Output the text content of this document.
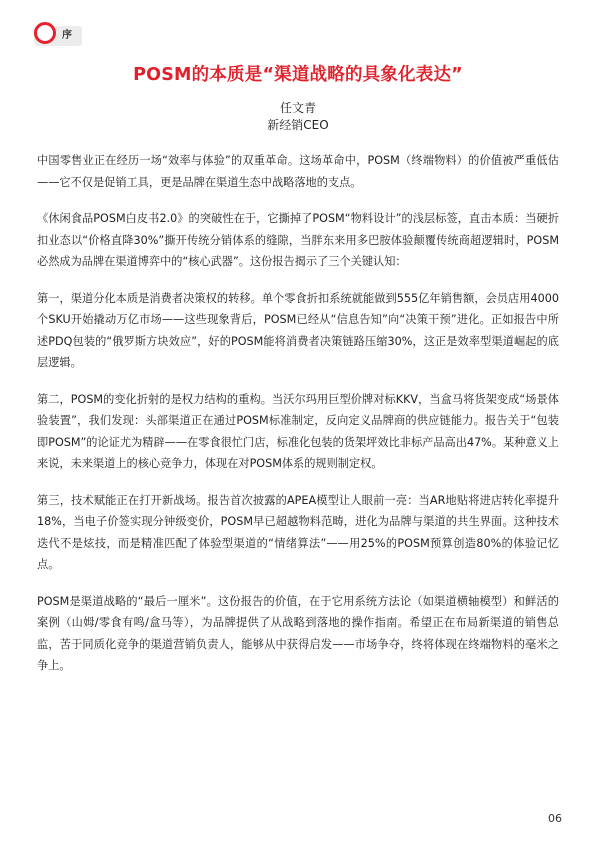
序
POSM的本质是“渠道战略的具象化表达”
任文青
新经销CEO

中国零售业正在经历一场“效率与体验”的双重革命。这场革命中，POSM（终端物料）的价值被严重低估——它不仅是促销工具，更是品牌在渠道生态中战略落地的支点。

《休闲食品POSM白皮书2.0》的突破性在于，它撕掉了POSM“物料设计”的浅层标签，直击本质：当硬折扣业态以“价格直降30%”撕开传统分销体系的缝隙，当胖东来用多巴胺体验颠覆传统商超逻辑时，POSM必然成为品牌在渠道博弈中的“核心武器”。这份报告揭示了三个关键认知：

第一，渠道分化本质是消费者决策权的转移。单个零食折扣系统就能做到555亿年销售额，会员店用4000个SKU开始撬动万亿市场——这些现象背后，POSM已经从“信息告知”向“决策干预”进化。正如报告中所述PDQ包装的“俄罗斯方块效应”，好的POSM能将消费者决策链路压缩30%，这正是效率型渠道崛起的底层逻辑。

第二，POSM的变化折射的是权力结构的重构。当沃尔玛用巨型价牌对标KKV，当盒马将货架变成“场景体验装置”，我们发现：头部渠道正在通过POSM标准制定，反向定义品牌商的供应链能力。报告关于“包装即POSM”的论证尤为精辟——在零食很忙门店，标准化包装的货架坪效比非标产品高出47%。某种意义上来说，未来渠道上的核心竞争力，体现在对POSM体系的规则制定权。

第三，技术赋能正在打开新战场。报告首次披露的APEA模型让人眼前一亮：当AR地贴将进店转化率提升18%，当电子价签实现分钟级变价，POSM早已超越物料范畴，进化为品牌与渠道的共生界面。这种技术迭代不是炫技，而是精准匹配了体验型渠道的“情绪算法”——用25%的POSM预算创造80%的体验记忆点。

POSM是渠道战略的“最后一厘米”。这份报告的价值，在于它用系统方法论（如渠道横轴模型）和鲜活的案例（山姆/零食有鸣/盒马等），为品牌提供了从战略到落地的操作指南。希望正在布局新渠道的销售总监，苦于同质化竞争的渠道营销负责人，能够从中获得启发——市场争夺，终将体现在终端物料的毫米之争上。

06
